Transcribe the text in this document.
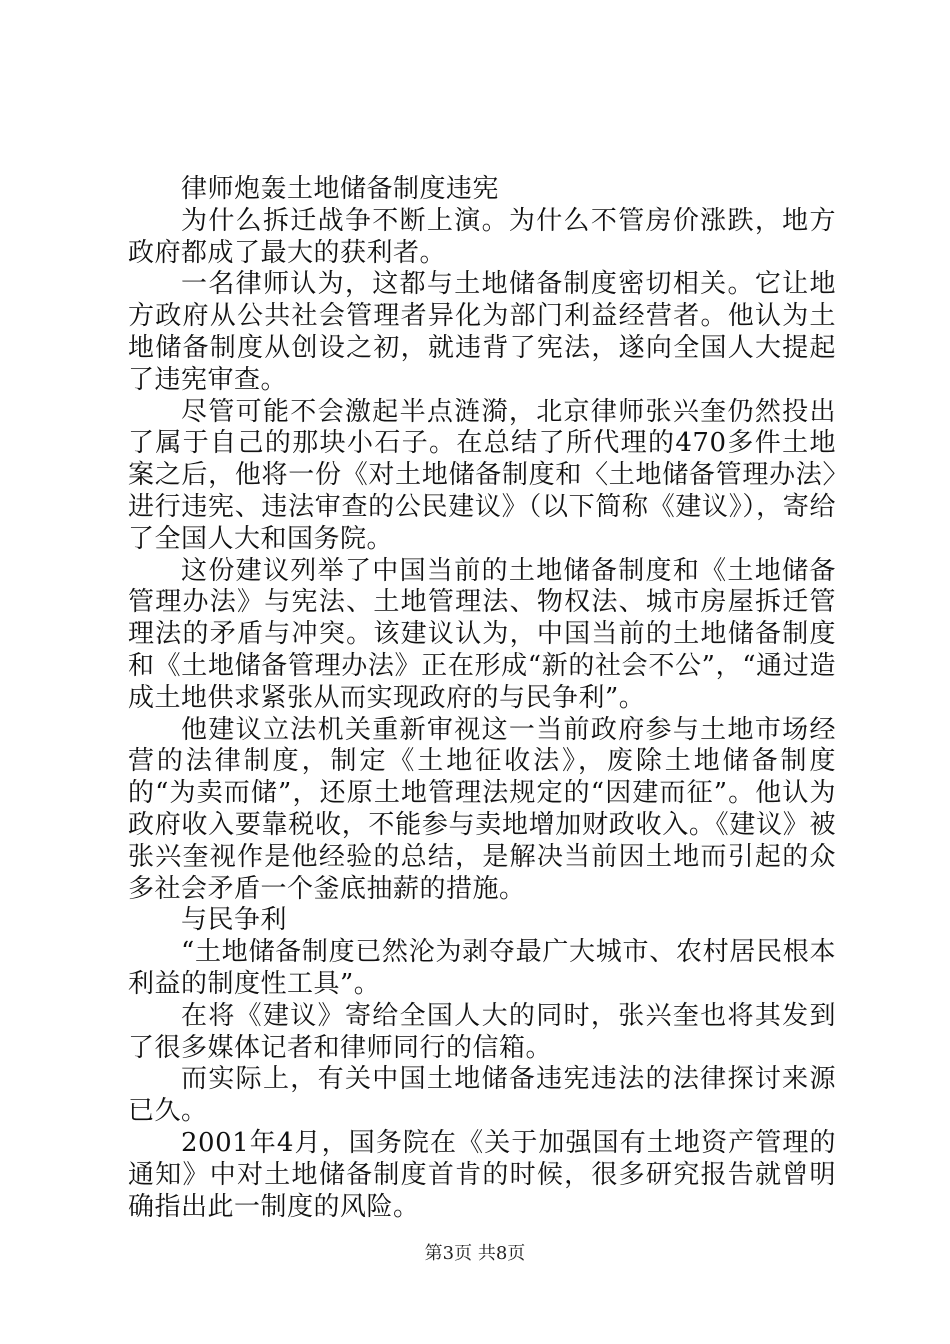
律师炮轰土地储备制度违宪

为什么拆迁战争不断上演。为什么不管房价涨跌，地方政府都成了最大的获利者。

一名律师认为，这都与土地储备制度密切相关。它让地方政府从公共社会管理者异化为部门利益经营者。他认为土地储备制度从创设之初，就违背了宪法，遂向全国人大提起了违宪审查。

尽管可能不会激起半点涟漪，北京律师张兴奎仍然投出了属于自己的那块小石子。在总结了所代理的470多件土地案之后，他将一份《对土地储备制度和〈土地储备管理办法〉进行违宪、违法审查的公民建议》（以下简称《建议》），寄给了全国人大和国务院。

这份建议列举了中国当前的土地储备制度和《土地储备管理办法》与宪法、土地管理法、物权法、城市房屋拆迁管理法的矛盾与冲突。该建议认为，中国当前的土地储备制度和《土地储备管理办法》正在形成“新的社会不公”，“通过造成土地供求紧张从而实现政府的与民争利”。

他建议立法机关重新审视这一当前政府参与土地市场经营的法律制度，制定《土地征收法》，废除土地储备制度的“为卖而储”，还原土地管理法规定的“因建而征”。他认为政府收入要靠税收，不能参与卖地增加财政收入。《建议》被张兴奎视作是他经验的总结，是解决当前因土地而引起的众多社会矛盾一个釜底抽薪的措施。

与民争利

“土地储备制度已然沦为剥夺最广大城市、农村居民根本利益的制度性工具”。

在将《建议》寄给全国人大的同时，张兴奎也将其发到了很多媒体记者和律师同行的信箱。

而实际上，有关中国土地储备违宪违法的法律探讨来源已久。

2001年4月，国务院在《关于加强国有土地资产管理的通知》中对土地储备制度首肯的时候，很多研究报告就曾明确指出此一制度的风险。

第3页 共8页
